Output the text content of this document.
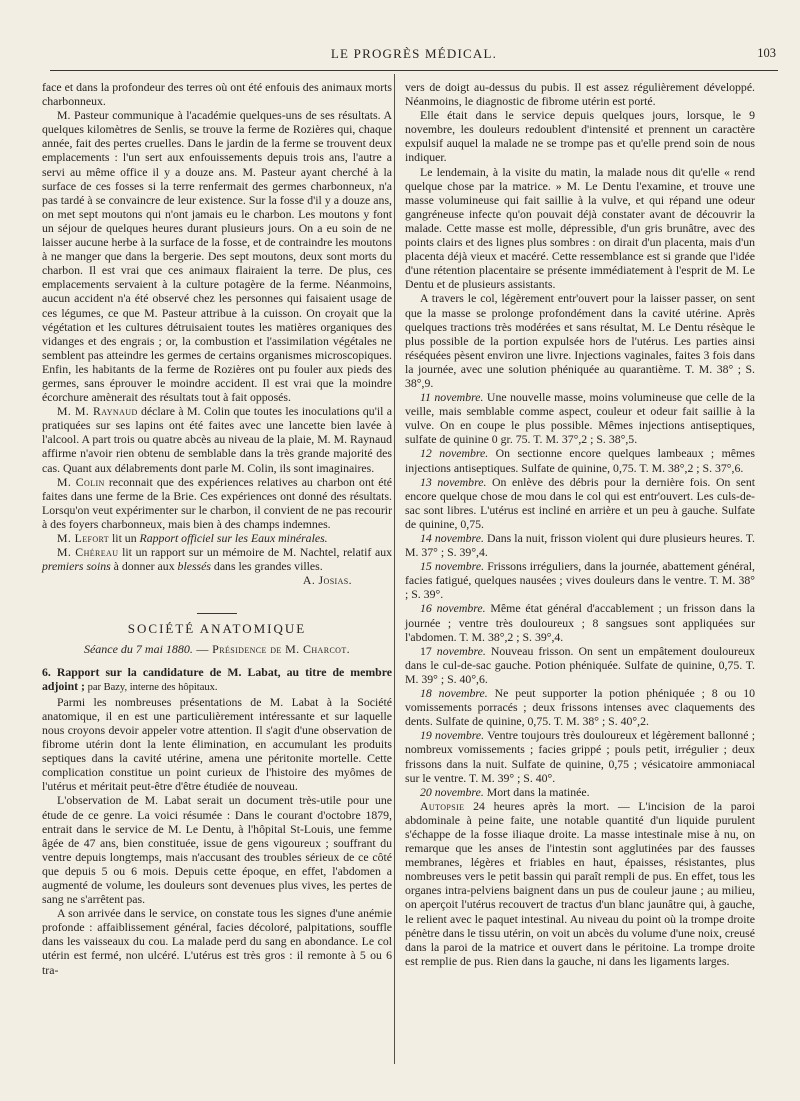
LE PROGRÈS MÉDICAL.	103

face et dans la profondeur des terres où ont été enfouis des animaux morts charbonneux.

M. Pasteur communique à l'académie quelques-uns de ses résultats. A quelques kilomètres de Senlis, se trouve la ferme de Rozières qui, chaque année, fait des pertes cruelles. Dans le jardin de la ferme se trouvent deux emplacements : l'un sert aux enfouissements depuis trois ans, l'autre a servi au même office il y a douze ans. M. Pasteur ayant cherché à la surface de ces fosses si la terre renfermait des germes charbonneux, n'a pas tardé à se convaincre de leur existence. Sur la fosse d'il y a douze ans, on met sept moutons qui n'ont jamais eu le charbon. Les moutons y font un séjour de quelques heures durant plusieurs jours. On a eu soin de ne laisser aucune herbe à la surface de la fosse, et de contraindre les moutons à ne manger que dans la bergerie. Des sept moutons, deux sont morts du charbon. Il est vrai que ces animaux flairaient la terre. De plus, ces emplacements servaient à la culture potagère de la ferme. Néanmoins, aucun accident n'a été observé chez les personnes qui faisaient usage de ces légumes, ce que M. Pasteur attribue à la cuisson. On croyait que la végétation et les cultures détruisaient toutes les matières organiques des vidanges et des engrais ; or, la combustion et l'assimilation végétales ne semblent pas atteindre les germes de certains organismes microscopiques. Enfin, les habitants de la ferme de Rozières ont pu fouler aux pieds des germes, sans éprouver le moindre accident. Il est vrai que la moindre écorchure amènerait des résultats tout à fait opposés.

M. M. Raynaud déclare à M. Colin que toutes les inoculations qu'il a pratiquées sur ses lapins ont été faites avec une lancette bien lavée à l'alcool. A part trois ou quatre abcès au niveau de la plaie, M. M. Raynaud affirme n'avoir rien obtenu de semblable dans la très grande majorité des cas. Quant aux délabrements dont parle M. Colin, ils sont imaginaires.

M. Colin reconnait que des expériences relatives au charbon ont été faites dans une ferme de la Brie. Ces expériences ont donné des résultats. Lorsqu'on veut expérimenter sur le charbon, il convient de ne pas recourir à des foyers charbonneux, mais bien à des champs indemnes.

M. Lefort lit un Rapport officiel sur les Eaux minérales.

M. Chéreau lit un rapport sur un mémoire de M. Nachtel, relatif aux premiers soins à donner aux blessés dans les grandes villes.
A. Josias.

SOCIÉTÉ ANATOMIQUE
Séance du 7 mai 1880. — Présidence de M. Charcot.

6. Rapport sur la candidature de M. Labat, au titre de membre adjoint ; par Bazy, interne des hôpitaux.

Parmi les nombreuses présentations de M. Labat à la Société anatomique, il en est une particulièrement intéressante et sur laquelle nous croyons devoir appeler votre attention. Il s'agit d'une observation de fibrome utérin dont la lente élimination, en accumulant les produits septiques dans la cavité utérine, amena une péritonite mortelle. Cette complication constitue un point curieux de l'histoire des myômes de l'utérus et méritait peut-être d'être étudiée de nouveau.

L'observation de M. Labat serait un document très-utile pour une étude de ce genre. La voici résumée : Dans le courant d'octobre 1879, entrait dans le service de M. Le Dentu, à l'hôpital St-Louis, une femme âgée de 47 ans, bien constituée, issue de gens vigoureux ; souffrant du ventre depuis longtemps, mais n'accusant des troubles sérieux de ce côté que depuis 5 ou 6 mois. Depuis cette époque, en effet, l'abdomen a augmenté de volume, les douleurs sont devenues plus vives, les pertes de sang ne s'arrêtent pas.

A son arrivée dans le service, on constate tous les signes d'une anémie profonde : affaiblissement général, facies décoloré, palpitations, souffle dans les vaisseaux du cou. La malade perd du sang en abondance. Le col utérin est fermé, non ulcéré. L'utérus est très gros : il remonte à 5 ou 6 tra-

vers de doigt au-dessus du pubis. Il est assez régulièrement développé. Néanmoins, le diagnostic de fibrome utérin est porté.

Elle était dans le service depuis quelques jours, lorsque, le 9 novembre, les douleurs redoublent d'intensité et prennent un caractère expulsif auquel la malade ne se trompe pas et qu'elle prend soin de nous indiquer.

Le lendemain, à la visite du matin, la malade nous dit qu'elle « rend quelque chose par la matrice. » M. Le Dentu l'examine, et trouve une masse volumineuse qui fait saillie à la vulve, et qui répand une odeur gangréneuse infecte qu'on pouvait déjà constater avant de découvrir la malade. Cette masse est molle, dépressible, d'un gris brunâtre, avec des points clairs et des lignes plus sombres : on dirait d'un placenta, mais d'un placenta déjà vieux et macéré. Cette ressemblance est si grande que l'idée d'une rétention placentaire se présente immédiatement à l'esprit de M. Le Dentu et de plusieurs assistants.

A travers le col, légèrement entr'ouvert pour la laisser passer, on sent que la masse se prolonge profondément dans la cavité utérine. Après quelques tractions très modérées et sans résultat, M. Le Dentu résèque le plus possible de la portion expulsée hors de l'utérus. Les parties ainsi réséquées pèsent environ une livre. Injections vaginales, faites 3 fois dans la journée, avec une solution phéniquée au quarantième. T. M. 38° ; S. 38°,9.

11 novembre. Une nouvelle masse, moins volumineuse que celle de la veille, mais semblable comme aspect, couleur et odeur fait saillie à la vulve. On en coupe le plus possible. Mêmes injections antiseptiques, sulfate de quinine 0 gr. 75. T. M. 37°,2 ; S. 38°,5.

12 novembre. On sectionne encore quelques lambeaux ; mêmes injections antiseptiques. Sulfate de quinine, 0,75. T. M. 38°,2 ; S. 37°,6.

13 novembre. On enlève des débris pour la dernière fois. On sent encore quelque chose de mou dans le col qui est entr'ouvert. Les culs-de-sac sont libres. L'utérus est incliné en arrière et un peu à gauche. Sulfate de quinine, 0,75.

14 novembre. Dans la nuit, frisson violent qui dure plusieurs heures. T. M. 37° ; S. 39°,4.

15 novembre. Frissons irréguliers, dans la journée, abattement général, facies fatigué, quelques nausées ; vives douleurs dans le ventre. T. M. 38° ; S. 39°.

16 novembre. Même état général d'accablement ; un frisson dans la journée ; ventre très douloureux ; 8 sangsues sont appliquées sur l'abdomen. T. M. 38°,2 ; S. 39°,4.

17 novembre. Nouveau frisson. On sent un empâtement douloureux dans le cul-de-sac gauche. Potion phéniquée. Sulfate de quinine, 0,75. T. M. 39° ; S. 40°,6.

18 novembre. Ne peut supporter la potion phéniquée ; 8 ou 10 vomissements porracés ; deux frissons intenses avec claquements des dents. Sulfate de quinine, 0,75. T. M. 38° ; S. 40°,2.

19 novembre. Ventre toujours très douloureux et légèrement ballonné ; nombreux vomissements ; facies grippé ; pouls petit, irrégulier ; deux frissons dans la nuit. Sulfate de quinine, 0,75 ; vésicatoire ammoniacal sur le ventre. T. M. 39° ; S. 40°.

20 novembre. Mort dans la matinée.

Autopsie 24 heures après la mort. — L'incision de la paroi abdominale à peine faite, une notable quantité d'un liquide purulent s'échappe de la fosse iliaque droite. La masse intestinale mise à nu, on remarque que les anses de l'intestin sont agglutinées par des fausses membranes, légères et friables en haut, épaisses, résistantes, plus nombreuses vers le petit bassin qui paraît rempli de pus. En effet, tous les organes intra-pelviens baignent dans un pus de couleur jaune ; au milieu, on aperçoit l'utérus recouvert de tractus d'un blanc jaunâtre qui, à gauche, le relient avec le paquet intestinal. Au niveau du point où la trompe droite pénètre dans le tissu utérin, on voit un abcès du volume d'une noix, creusé dans la paroi de la matrice et ouvert dans le péritoine. La trompe droite est remplie de pus. Rien dans la gauche, ni dans les ligaments larges.
